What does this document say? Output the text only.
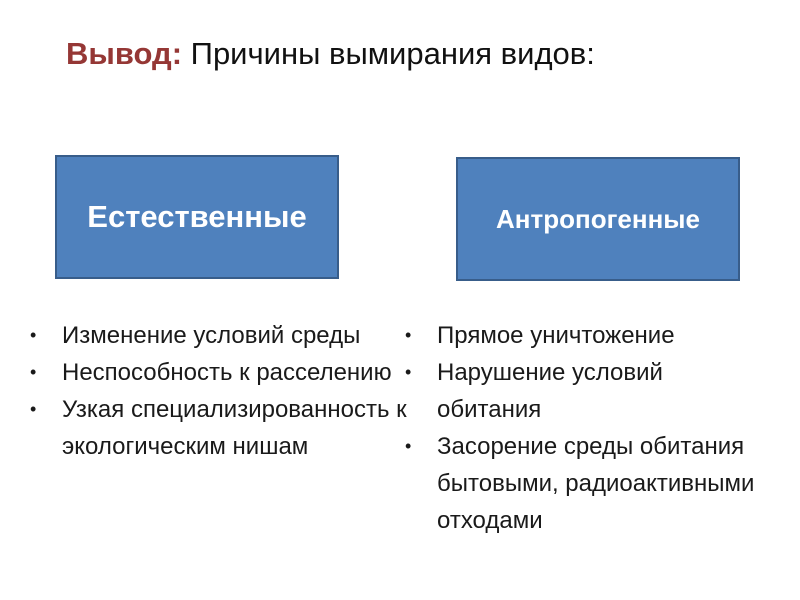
Вывод: Причины вымирания видов:
Естественные	Антропогенные
• Изменение условий среды
• Неспособность к расселению
• Узкая специализированность к экологическим нишам
• Прямое уничтожение
• Нарушение условий обитания
• Засорение среды обитания бытовыми, радиоактивными отходами
